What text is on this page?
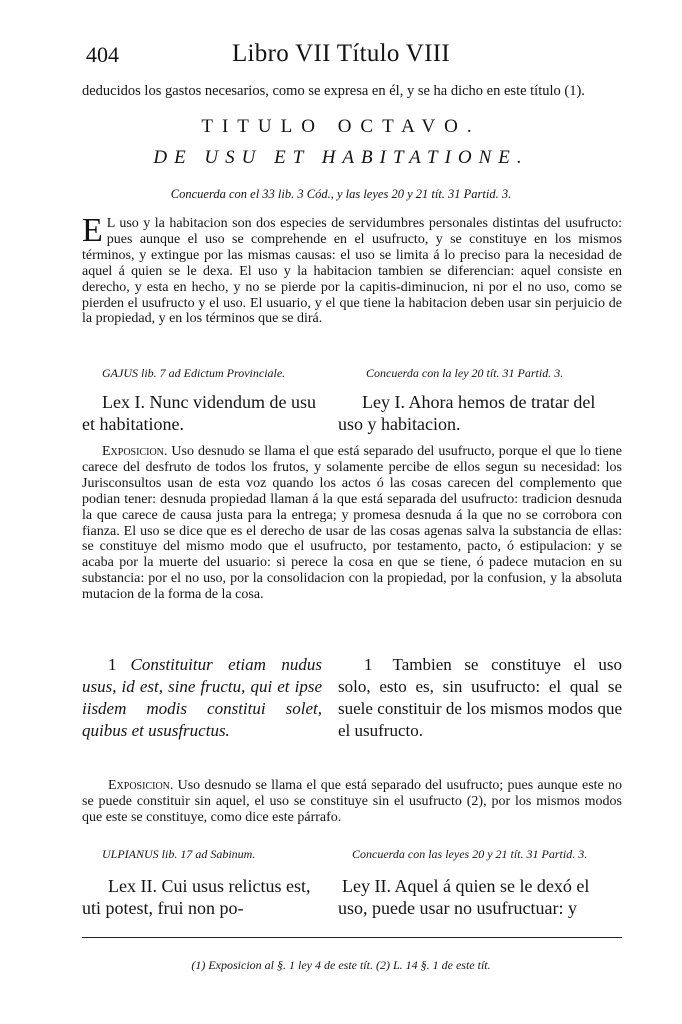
404	Libro VII Título VIII
deducidos los gastos necesarios, como se expresa en él, y se ha dicho en este título (1).
TITULO OCTAVO.
DE USU ET HABITATIONE.
Concuerda con el 33 lib. 3 Cód., y las leyes 20 y 21 tít. 31 Partid. 3.
E L uso y la habitacion son dos especies de servidumbres personales distintas del usufructo: pues aunque el uso se comprehende en el usufructo, y se constituye en los mismos términos, y extingue por las mismas causas: el uso se limita á lo preciso para la necesidad de aquel á quien se le dexa. El uso y la habitacion tambien se diferencian: aquel consiste en derecho, y esta en hecho, y no se pierde por la capitis-diminucion, ni por el no uso, como se pierden el usufructo y el uso. El usuario, y el que tiene la habitacion deben usar sin perjuicio de la propiedad, y en los términos que se dirá.
GAJUS lib. 7 ad Edictum Provinciale.	Concuerda con la ley 20 tít. 31 Partid. 3.
Lex I. Nunc videndum de usu et habitatione.
Ley I. Ahora hemos de tratar del uso y habitacion.
Exposicion. Uso desnudo se llama el que está separado del usufructo, porque el que lo tiene carece del desfruto de todos los frutos, y solamente percibe de ellos segun su necesidad: los Jurisconsultos usan de esta voz quando los actos ó las cosas carecen del complemento que podian tener: desnuda propiedad llaman á la que está separada del usufructo: tradicion desnuda la que carece de causa justa para la entrega; y promesa desnuda á la que no se corrobora con fianza. El uso se dice que es el derecho de usar de las cosas agenas salva la substancia de ellas: se constituye del mismo modo que el usufructo, por testamento, pacto, ó estipulacion: y se acaba por la muerte del usuario: si perece la cosa en que se tiene, ó padece mutacion en su substancia: por el no uso, por la consolidacion con la propiedad, por la confusion, y la absoluta mutacion de la forma de la cosa.
1 Constituitur etiam nudus usus, id est, sine fructu, qui et ipse iisdem modis constitui solet, quibus et ususfructus.
1 Tambien se constituye el uso solo, esto es, sin usufructo: el qual se suele constituir de los mismos modos que el usufructo.
Exposicion. Uso desnudo se llama el que está separado del usufructo; pues aunque este no se puede constituir sin aquel, el uso se constituye sin el usufructo (2), por los mismos modos que este se constituye, como dice este párrafo.
ULPIANUS lib. 17 ad Sabinum.	Concuerda con las leyes 20 y 21 tít. 31 Partid. 3.
Lex II. Cui usus relictus est, uti potest, frui non po-
Ley II. Aquel á quien se le dexó el uso, puede usar no usufructuar: y
(1) Exposicion al §. 1 ley 4 de este tít. (2) L. 14 §. 1 de este tít.
